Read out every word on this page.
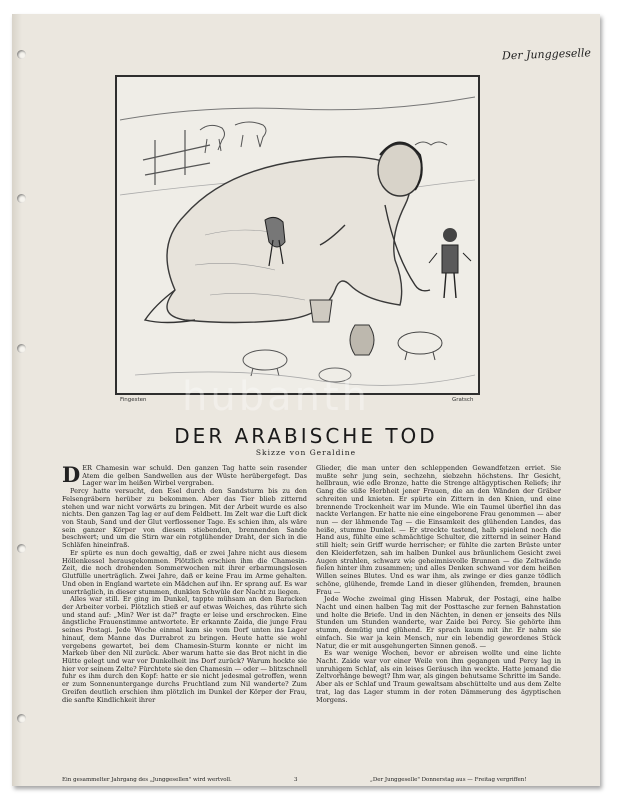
Der Junggeselle
Fingesten	Gratsch
hubanth
DER ARABISCHE TOD
Skizze von Geraldine

DER Chamesin war schuld. Den ganzen Tag hatte sein rasender Atem die gelben Sandwellen aus der Wüste herübergefegt. Das Lager war im heißen Wirbel vergraben.

Percy hatte versucht, den Esel durch den Sandsturm bis zu den Felsengräbern herüber zu bekommen. Aber das Tier blieb zitternd stehen und war nicht vorwärts zu bringen. Mit der Arbeit wurde es also nichts. Den ganzen Tag lag er auf dem Feldbett. Im Zelt war die Luft dick von Staub, Sand und der Glut verflossener Tage. Es schien ihm, als wäre sein ganzer Körper von diesem stiebenden, brennenden Sande beschwert; und um die Stirn war ein rotglühender Draht, der sich in die Schläfen hineinfraß.

Er spürte es nun doch gewaltig, daß er zwei Jahre nicht aus diesem Höllenkessel herausgekommen. Plötzlich erschien ihm die Chamesin-Zeit, die noch drohenden Sommerwochen mit ihrer erbarmungslosen Glutfülle unerträglich. Zwei Jahre, daß er keine Frau im Arme gehalten. Und oben in England wartete ein Mädchen auf ihn. Er sprang auf. Es war unerträglich, in dieser stummen, dunklen Schwüle der Nacht zu liegen.

Alles war still. Er ging im Dunkel, tappte mühsam an den Baracken der Arbeiter vorbei. Plötzlich stieß er auf etwas Weiches, das rührte sich und stand auf: „Min? Wer ist da?" fragte er leise und erschrocken. Eine ängstliche Frauenstimme antwortete. Er erkannte Zaida, die junge Frau seines Postagi. Jede Woche einmal kam sie vom Dorf unten ins Lager hinauf, dem Manne das Durrabrot zu bringen. Heute hatte sie wohl vergebens gewartet, bei dem Chamesin-Sturm konnte er nicht im Markeb über den Nil zurück. Aber warum hatte sie das Brot nicht in die Hütte gelegt und war vor Dunkelheit ins Dorf zurück? Warum hockte sie hier vor seinem Zelte? Fürchtete sie den Chamesin — oder — blitzschnell fuhr es ihm durch den Kopf: hatte er sie nicht jedesmal getroffen, wenn er zum Sonnenuntergange durchs Fruchtland zum Nil wanderte? Zum Greifen deutlich erschien ihm plötzlich im Dunkel der Körper der Frau, die sanfte Kindlichkeit ihrer

Glieder, die man unter den schleppenden Gewandfetzen erriet. Sie mußte sehr jung sein, sechzehn, siebzehn höchstens. Ihr Gesicht, hellbraun, wie edle Bronze, hatte die Strenge altägyptischen Reliefs; ihr Gang die süße Herbheit jener Frauen, die an den Wänden der Gräber schreiten und knieten. Er spürte ein Zittern in den Knien, und eine brennende Trockenheit war im Munde. Wie ein Taumel überfiel ihn das nackte Verlangen. Er hatte nie eine eingeborene Frau genommen — aber nun — der lähmende Tag — die Einsamkeit des glühenden Landes, das heiße, stumme Dunkel. — Er streckte tastend, halb spielend noch die Hand aus, fühlte eine schmächtige Schulter, die zitternd in seiner Hand still hielt; sein Griff wurde herrischer; er fühlte die zarten Brüste unter den Kleiderfetzen, sah im halben Dunkel aus bräunlichem Gesicht zwei Augen strahlen, schwarz wie geheimnisvolle Brunnen — die Zeltwände fielen hinter ihm zusammen; und alles Denken schwand vor dem heißen Willen seines Blutes. Und es war ihm, als zwinge er dies ganze tödlich schöne, glühende, fremde Land in dieser glühenden, fremden, braunen Frau —

Jede Woche zweimal ging Hissen Mabruk, der Postagi, eine halbe Nacht und einen halben Tag mit der Posttasche zur fernen Bahnstation und holte die Briefe. Und in den Nächten, in denen er jenseits des Nils Stunden um Stunden wanderte, war Zaide bei Percy. Sie gehörte ihm stumm, demütig und glühend. Er sprach kaum mit ihr. Er nahm sie einfach. Sie war ja kein Mensch, nur ein lebendig gewordenes Stück Natur, die er mit ausgehungerten Sinnen genoß. —

Es war wenige Wochen, bevor er abreisen wollte und eine lichte Nacht. Zaide war vor einer Weile von ihm gegangen und Percy lag in unruhigem Schlaf, als ein leises Geräusch ihn weckte. Hatte jemand die Zeltvorhänge bewegt? Ihm war, als gingen behutsame Schritte im Sande. Aber als er Schlaf und Traum gewaltsam abschüttelte und aus dem Zelte trat, lag das Lager stumm in der roten Dämmerung des ägyptischen Morgens.

Ein gesammelter Jahrgang des „Junggesellen" wird wertvoll.	3	„Der Junggeselle" Donnerstag aus — Freitag vergriffen!
